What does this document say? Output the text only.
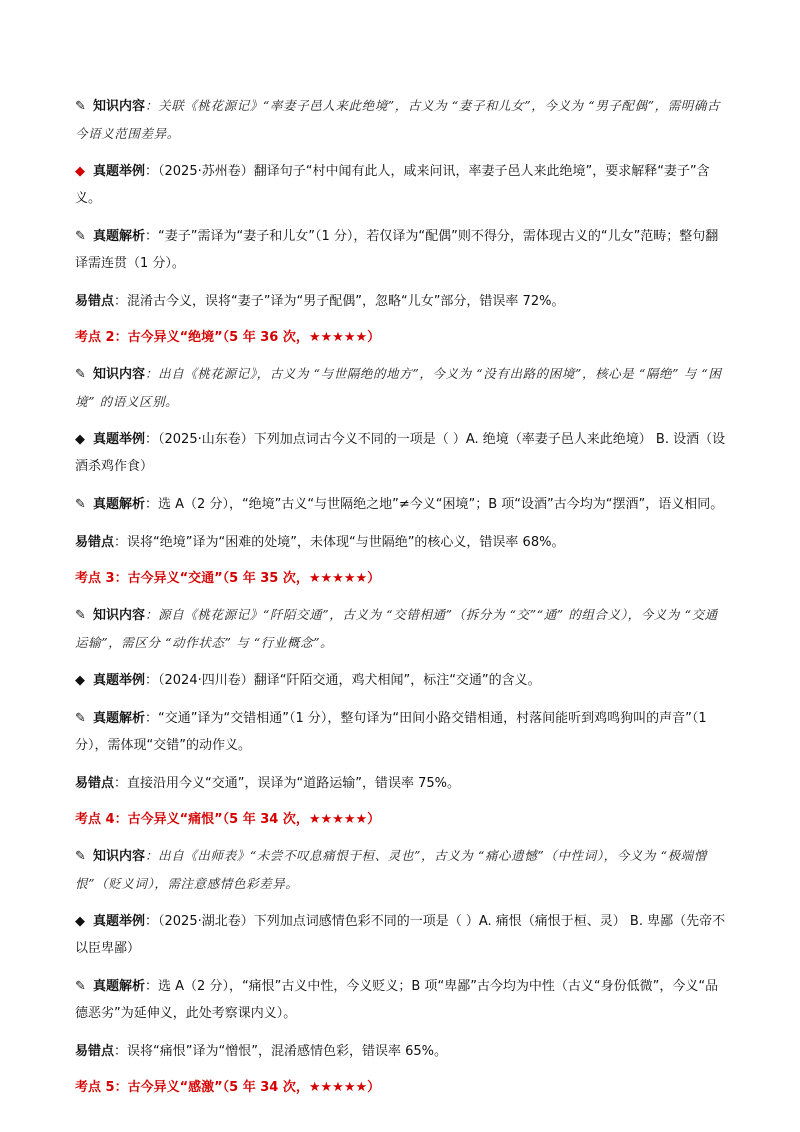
✎ 知识内容：关联《桃花源记》“率妻子邑人来此绝境”，古义为 “妻子和儿女”，今义为 “男子配偶”，需明确古今语义范围差异。

◆ 真题举例：（2025·苏州卷）翻译句子“村中闻有此人，咸来问讯，率妻子邑人来此绝境”，要求解释“妻子”含义。

✎ 真题解析：“妻子”需译为“妻子和儿女”（1 分），若仅译为“配偶”则不得分，需体现古义的“儿女”范畴；整句翻译需连贯（1 分）。

易错点：混淆古今义，误将“妻子”译为“男子配偶”，忽略“儿女”部分，错误率 72%。

考点 2：古今异义“绝境”（5 年 36 次，★★★★★）

✎ 知识内容：出自《桃花源记》，古义为 “与世隔绝的地方”，今义为 “没有出路的困境”，核心是 “隔绝” 与 “困境” 的语义区别。

◆ 真题举例：（2025·山东卷）下列加点词古今义不同的一项是（ ）A. 绝境（率妻子邑人来此绝境） B. 设酒（设酒杀鸡作食）

✎ 真题解析：选 A（2 分），“绝境”古义“与世隔绝之地”≠今义“困境”；B 项“设酒”古今均为“摆酒”，语义相同。

易错点：误将“绝境”译为“困难的处境”，未体现“与世隔绝”的核心义，错误率 68%。

考点 3：古今异义“交通”（5 年 35 次，★★★★★）

✎ 知识内容：源自《桃花源记》“阡陌交通”，古义为 “交错相通”（拆分为 “交”“通” 的组合义），今义为 “交通运输”，需区分 “动作状态” 与 “行业概念”。

◆ 真题举例：（2024·四川卷）翻译“阡陌交通，鸡犬相闻”，标注“交通”的含义。

✎ 真题解析：“交通”译为“交错相通”（1 分），整句译为“田间小路交错相通，村落间能听到鸡鸣狗叫的声音”（1 分），需体现“交错”的动作义。

易错点：直接沿用今义“交通”，误译为“道路运输”，错误率 75%。

考点 4：古今异义“痛恨”（5 年 34 次，★★★★★）

✎ 知识内容：出自《出师表》“未尝不叹息痛恨于桓、灵也”，古义为 “痛心遗憾”（中性词），今义为 “极端憎恨”（贬义词），需注意感情色彩差异。

◆ 真题举例：（2025·湖北卷）下列加点词感情色彩不同的一项是（ ）A. 痛恨（痛恨于桓、灵） B. 卑鄙（先帝不以臣卑鄙）

✎ 真题解析：选 A（2 分），“痛恨”古义中性，今义贬义；B 项“卑鄙”古今均为中性（古义“身份低微”，今义“品德恶劣”为延伸义，此处考察课内义）。

易错点：误将“痛恨”译为“憎恨”，混淆感情色彩，错误率 65%。

考点 5：古今异义“感激”（5 年 34 次，★★★★★）
